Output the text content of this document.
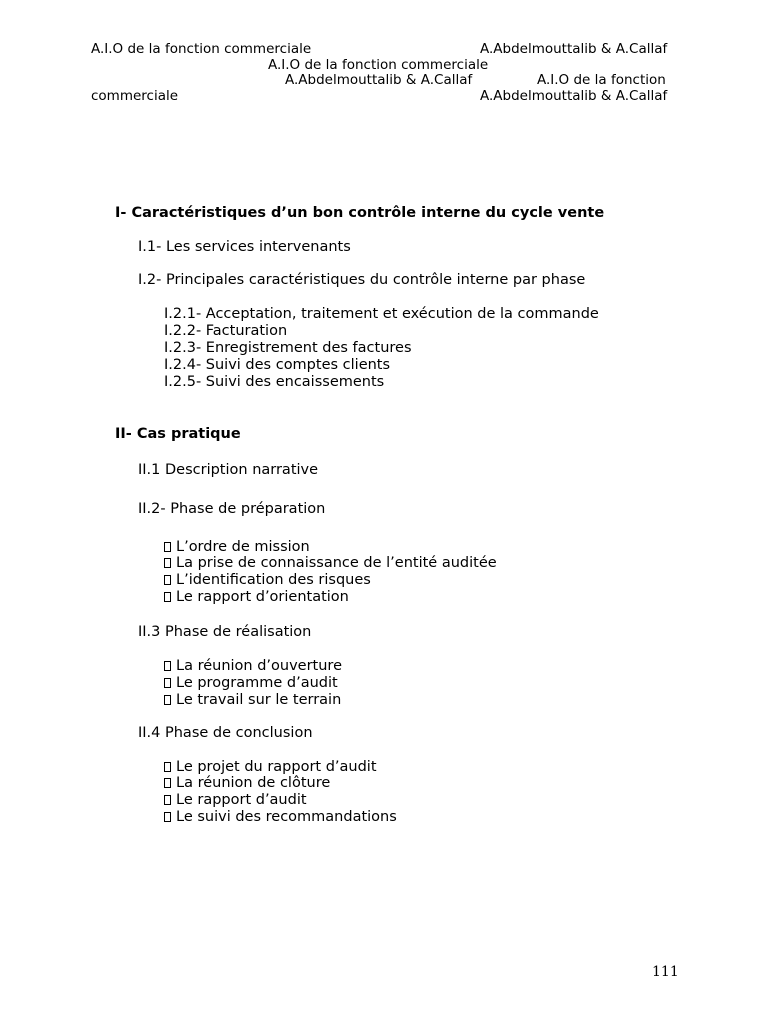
A.I.O de la fonction commerciale	A.Abdelmouttalib & A.Callaf
A.I.O de la fonction commerciale
A.Abdelmouttalib & A.Callaf	A.I.O de la fonction
commerciale	A.Abdelmouttalib & A.Callaf
I- Caractéristiques d’un bon contrôle interne du cycle vente
I.1- Les services intervenants
I.2- Principales caractéristiques du contrôle interne par phase
I.2.1- Acceptation, traitement et exécution de la commande
I.2.2- Facturation
I.2.3- Enregistrement des factures
I.2.4- Suivi des comptes clients
I.2.5- Suivi des encaissements
II- Cas pratique
II.1 Description narrative
II.2- Phase de préparation
L’ordre de mission
La prise de connaissance de l’entité auditée
L’identification des risques
Le rapport d’orientation
II.3 Phase de réalisation
La réunion d’ouverture
Le programme d’audit
Le travail sur le terrain
II.4 Phase de conclusion
Le projet du rapport d’audit
La réunion de clôture
Le rapport d’audit
Le suivi des recommandations
111
